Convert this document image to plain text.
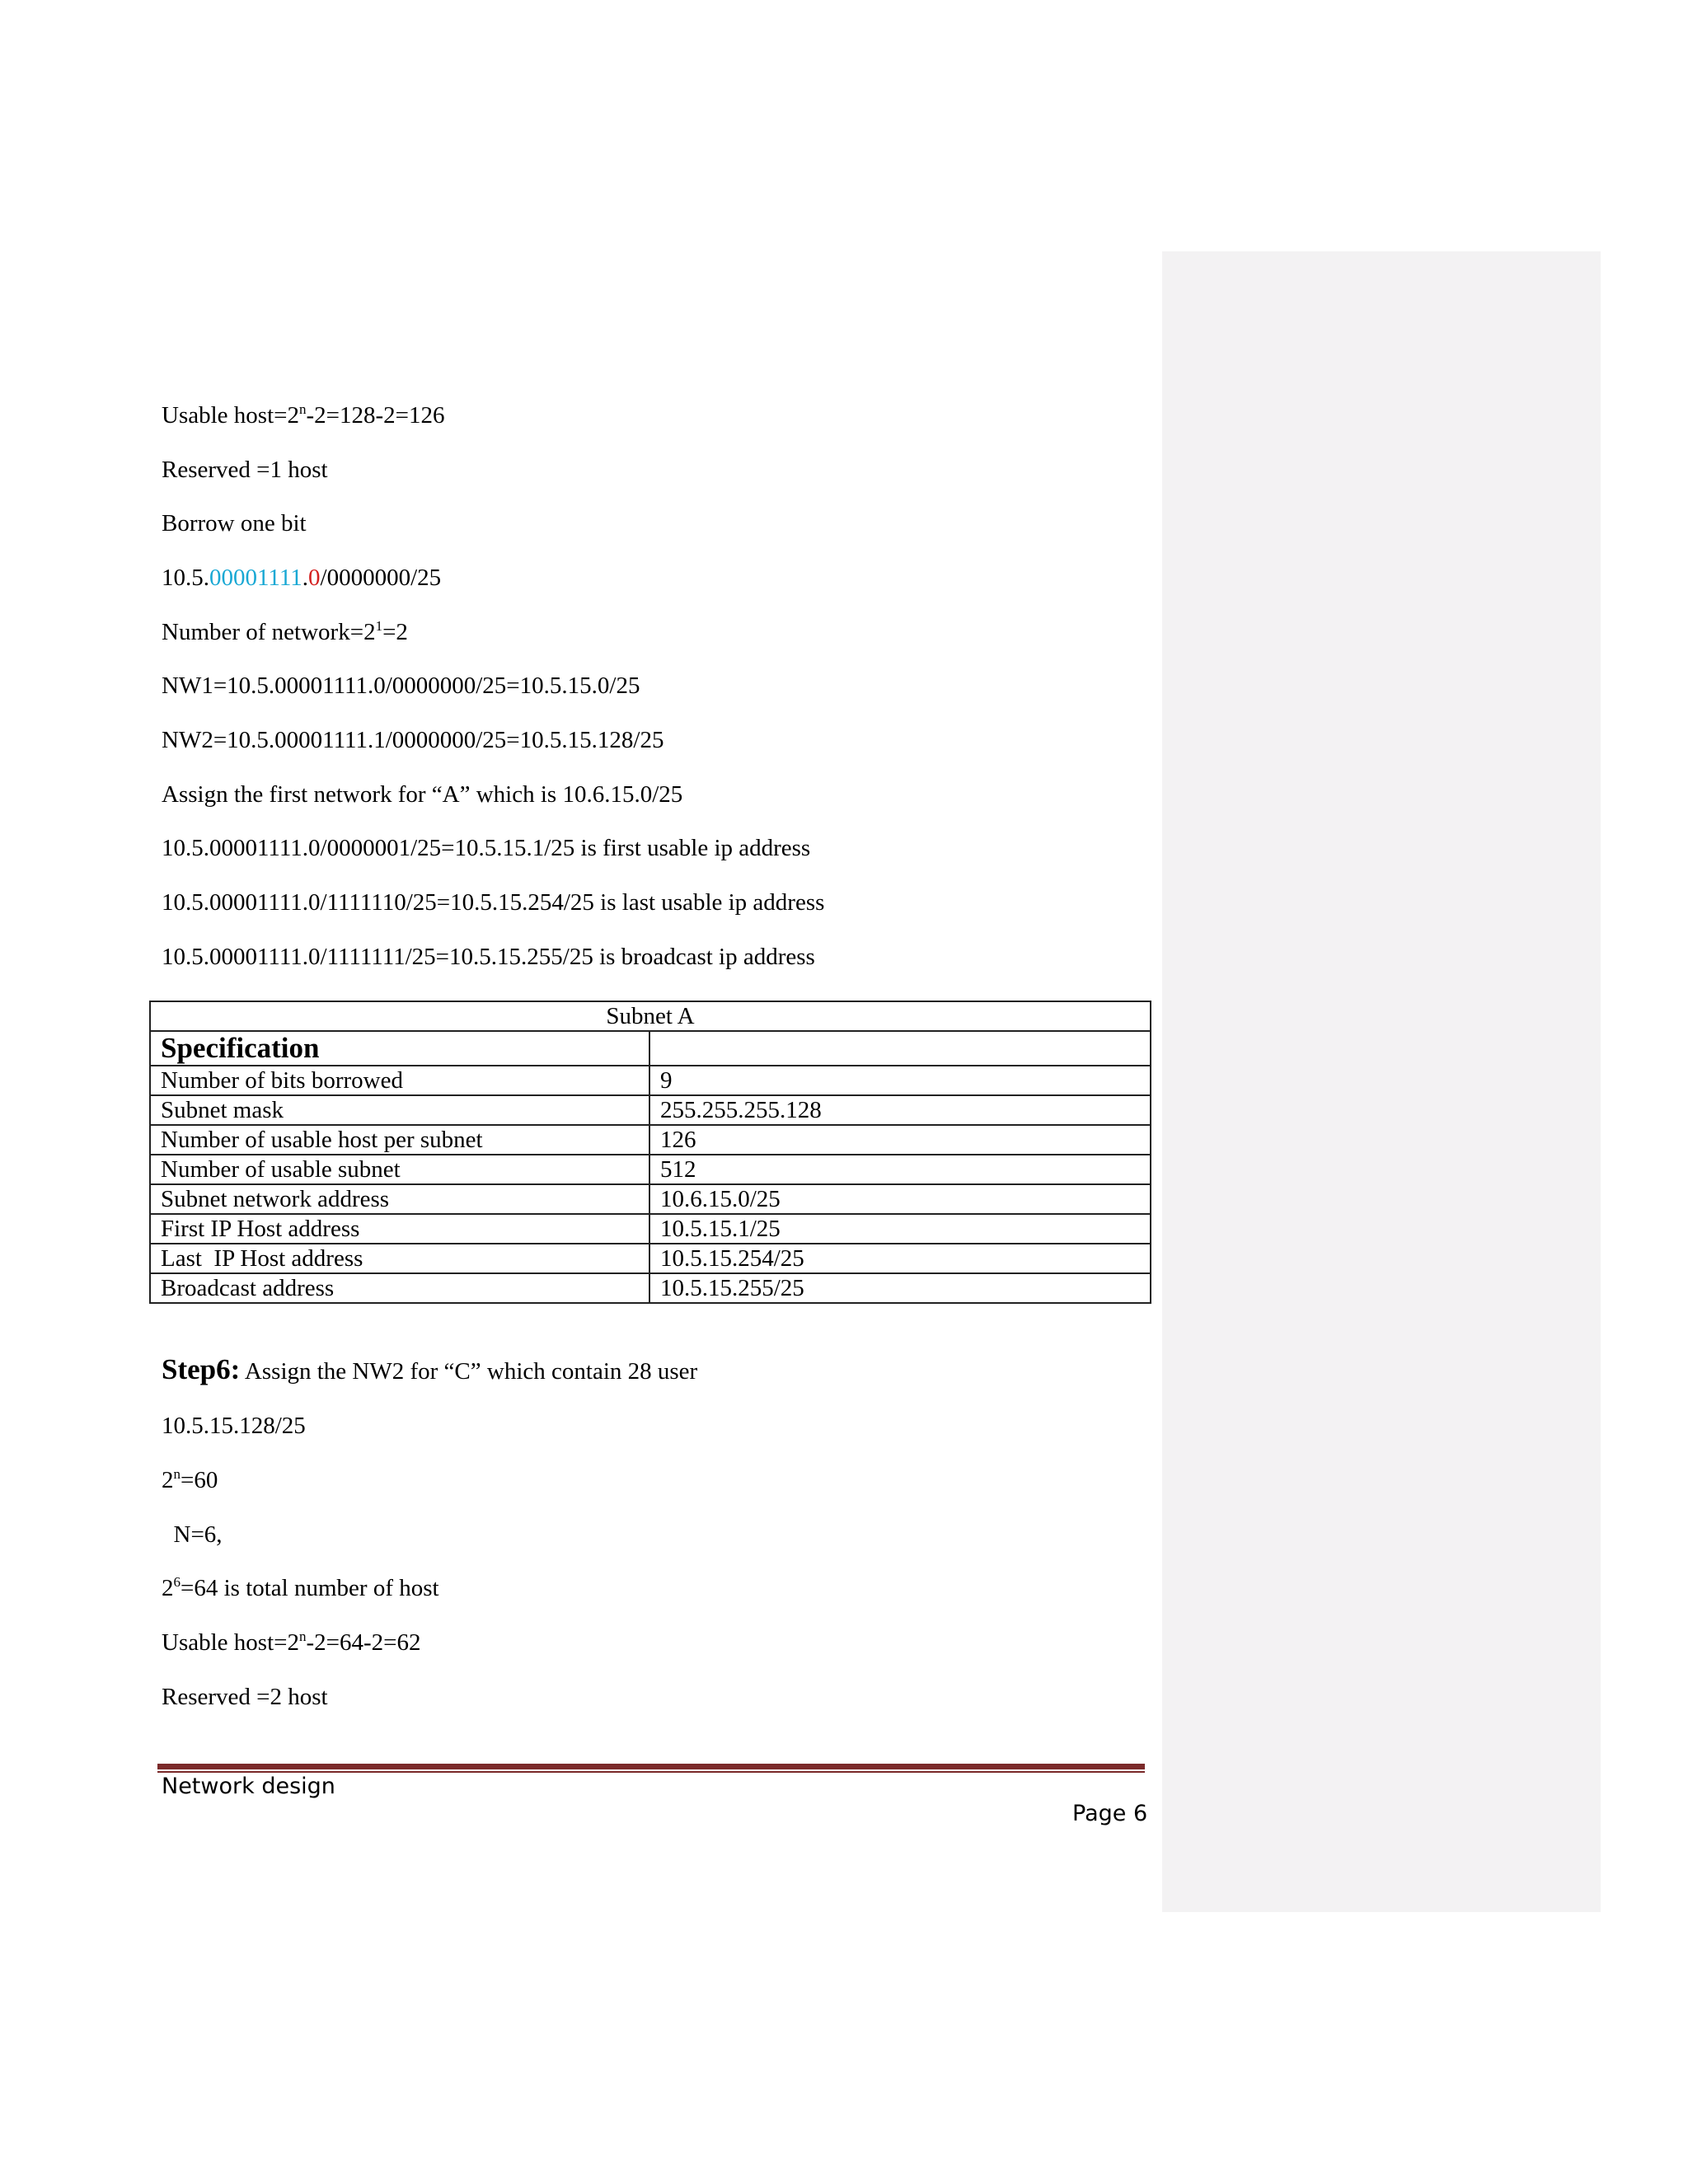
Usable $host=2^n-2=128-2=126$
Reserved =1 host
Borrow one bit
10.5.00001111.0/0000000/25
Number of $network=2^1=2$
NW1=10.5.00001111.0/0000000/25=10.5.15.0/25
NW2=10.5.00001111.1/0000000/25=10.5.15.128/25
Assign the first network for “A” which is 10.6.15.0/25
10.5.00001111.0/0000001/25=10.5.15.1/25 is first usable ip address
10.5.00001111.0/1111110/25=10.5.15.254/25 is last usable ip address
10.5.00001111.0/1111111/25=10.5.15.255/25 is broadcast ip address
Step6: Assign the NW2 for “C” which contain 28 user
10.5.15.128/25
$2^n=60$
N=6,
$2^6=64$ is total number of host
Usable $host=2^n-2=64-2=62$
Reserved =2 host
Subnet A	
Specification	
Number of bits borrowed	9
Subnet mask	255.255.255.128
Number of usable host per subnet	126
Number of usable subnet	512
Subnet network address	10.6.15.0/25
First IP Host address	10.5.15.1/25
Last  IP Host address	10.5.15.254/25
Broadcast address	10.5.15.255/25
Network design
Page 6
